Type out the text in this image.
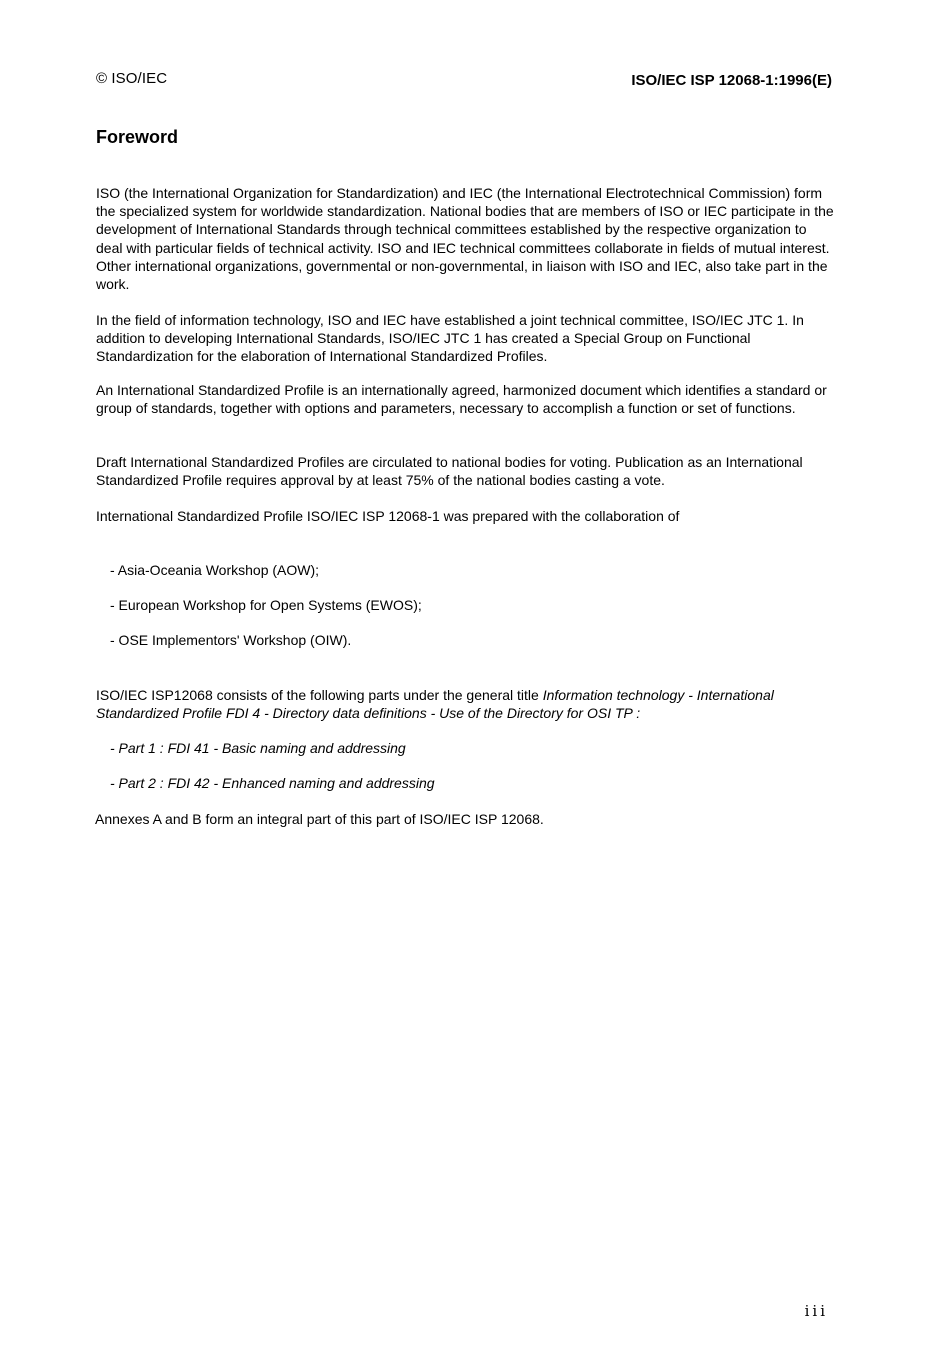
© ISO/IEC	ISO/IEC ISP 12068-1:1996(E)
Foreword

ISO (the International Organization for Standardization) and IEC (the International Electrotechnical Commission) form the specialized system for worldwide standardization. National bodies that are members of ISO or IEC participate in the development of International Standards through technical committees established by the respective organization to deal with particular fields of technical activity. ISO and IEC technical committees collaborate in fields of mutual interest. Other international organizations, governmental or non-governmental, in liaison with ISO and IEC, also take part in the work.

In the field of information technology, ISO and IEC have established a joint technical committee, ISO/IEC JTC 1. In addition to developing International Standards, ISO/IEC JTC 1 has created a Special Group on Functional Standardization for the elaboration of International Standardized Profiles.

An International Standardized Profile is an internationally agreed, harmonized document which identifies a standard or group of standards, together with options and parameters, necessary to accomplish a function or set of functions.

Draft International Standardized Profiles are circulated to national bodies for voting. Publication as an International Standardized Profile requires approval by at least 75% of the national bodies casting a vote.

International Standardized Profile ISO/IEC ISP 12068-1 was prepared with the collaboration of

- Asia-Oceania Workshop (AOW);

- European Workshop for Open Systems (EWOS);

- OSE Implementors' Workshop (OIW).

ISO/IEC ISP12068 consists of the following parts under the general title Information technology - International Standardized Profile FDI 4 - Directory data definitions - Use of the Directory for OSI TP :

- Part 1 : FDI 41 - Basic naming and addressing

- Part 2 : FDI 42 - Enhanced naming and addressing

Annexes A and B form an integral part of this part of ISO/IEC ISP 12068.

iii
